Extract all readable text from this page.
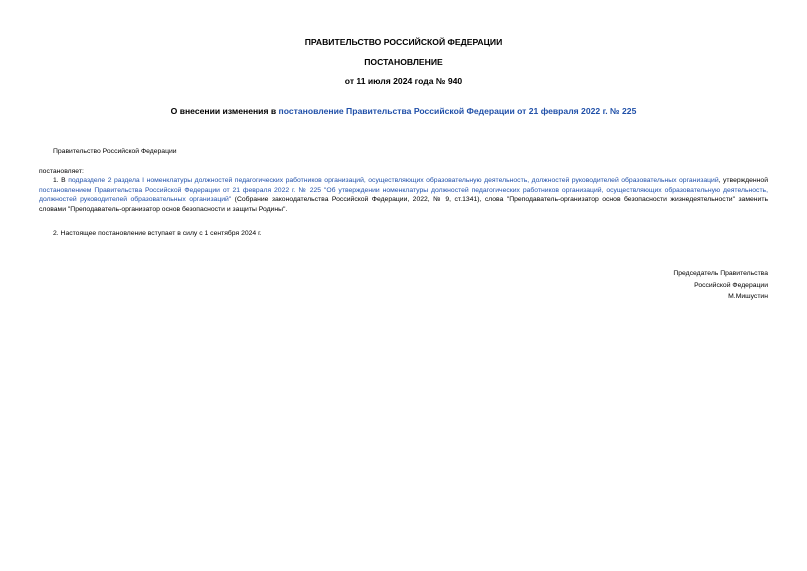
ПРАВИТЕЛЬСТВО РОССИЙСКОЙ ФЕДЕРАЦИИ
ПОСТАНОВЛЕНИЕ
от 11 июля 2024 года № 940
О внесении изменения в постановление Правительства Российской Федерации от 21 февраля 2022 г. № 225
Правительство Российской Федерации
постановляет:
1. В подразделе 2 раздела I номенклатуры должностей педагогических работников организаций, осуществляющих образовательную деятельность, должностей руководителей образовательных организаций, утвержденной постановлением Правительства Российской Федерации от 21 февраля 2022 г. № 225 "Об утверждении номенклатуры должностей педагогических работников организаций, осуществляющих образовательную деятельность, должностей руководителей образовательных организаций" (Собрание законодательства Российской Федерации, 2022, № 9, ст.1341), слова "Преподаватель-организатор основ безопасности жизнедеятельности" заменить словами "Преподаватель-организатор основ безопасности и защиты Родины".
2. Настоящее постановление вступает в силу с 1 сентября 2024 г.
Председатель Правительства
Российской Федерации
М.Мишустин
